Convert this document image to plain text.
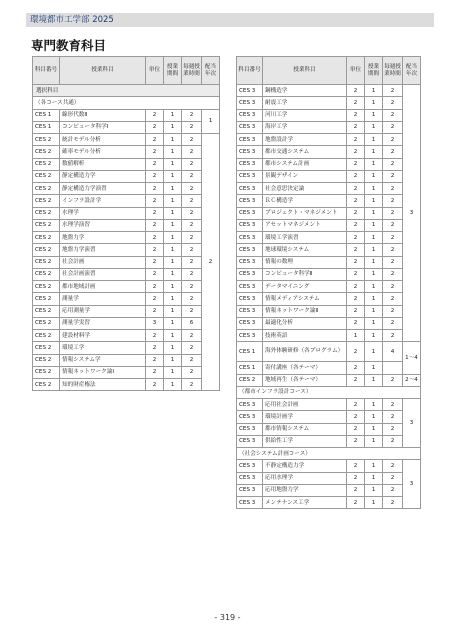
環境都市工学部 2025
専門教育科目
科目番号	授業科目	単位	授業期間	毎週授業時間	配当年次
選択科目					
（各コース共通）					
CES 1	線形代数Ⅱ	2	1	2	1
CES 1	コンピュータ科学Ⅰ	2	1	2	
CES 2	統計モデル分析	2	1	2	2
CES 2	確率モデル分析	2	1	2	
CES 2	数値解析	2	1	2	
CES 2	静定構造力学	2	1	2	
CES 2	静定構造力学演習	2	1	2	
CES 2	インフラ設計学	2	1	2	
CES 2	水理学	2	1	2	
CES 2	水理学演習	2	1	2	
CES 2	地盤力学	2	1	2	
CES 2	地盤力学演習	2	1	2	
CES 2	社会計画	2	1	2	
CES 2	社会計画演習	2	1	2	
CES 2	都市地域計画	2	1	2	
CES 2	測量学	2	1	2	
CES 2	応用測量学	2	1	2	
CES 2	測量学実習	3	1	6	
CES 2	建設材料学	2	1	2	
CES 2	環境工学	2	1	2	
CES 2	情報システム学	2	1	2	
CES 2	情報ネットワーク論Ⅰ	2	1	2	
CES 2	知的財産権法	2	1	2	
科目番号	授業科目	単位	授業期間	毎週授業時間	配当年次
CES 3	鋼構造学	2	1	2	3
CES 3	耐震工学	2	1	2	
CES 3	河川工学	2	1	2	
CES 3	海岸工学	2	1	2	
CES 3	地盤設計学	2	1	2	
CES 3	都市交通システム	2	1	2	
CES 3	都市システム計画	2	1	2	
CES 3	景観デザイン	2	1	2	
CES 3	社会意思決定論	2	1	2	
CES 3	ＲＣ構造学	2	1	2	
CES 3	プロジェクト・マネジメント	2	1	2	
CES 3	アセットマネジメント	2	1	2	
CES 3	環境工学演習	2	1	2	
CES 3	地球環境システム	2	1	2	
CES 3	情報の数理	2	1	2	
CES 3	コンピュータ科学Ⅱ	2	1	2	
CES 3	データマイニング	2	1	2	
CES 3	情報メディアシステム	2	1	2	
CES 3	情報ネットワーク論Ⅱ	2	1	2	
CES 3	最適化分析	2	1	2	
CES 3	技術英語	1	1	2	
CES 1	海外体験研修（各プログラム）	2	1	4	1〜4
CES 1	寄付講座（各テーマ）	2	1		
CES 2	地域再生（各テーマ）	2	1	2	2〜4
（都市インフラ設計コース）					
CES 3	応用社会計画	2	1	2	3
CES 3	環境計画学	2	1	2	
CES 3	都市情報システム	2	1	2	
CES 3	供給性工学	2	1	2	
（社会システム計画コース）					
CES 3	不静定構造力学	2	1	2	3
CES 3	応用水理学	2	1	2	
CES 3	応用地盤力学	2	1	2	
CES 3	メンテナンス工学	2	1	2	
- 319 -
